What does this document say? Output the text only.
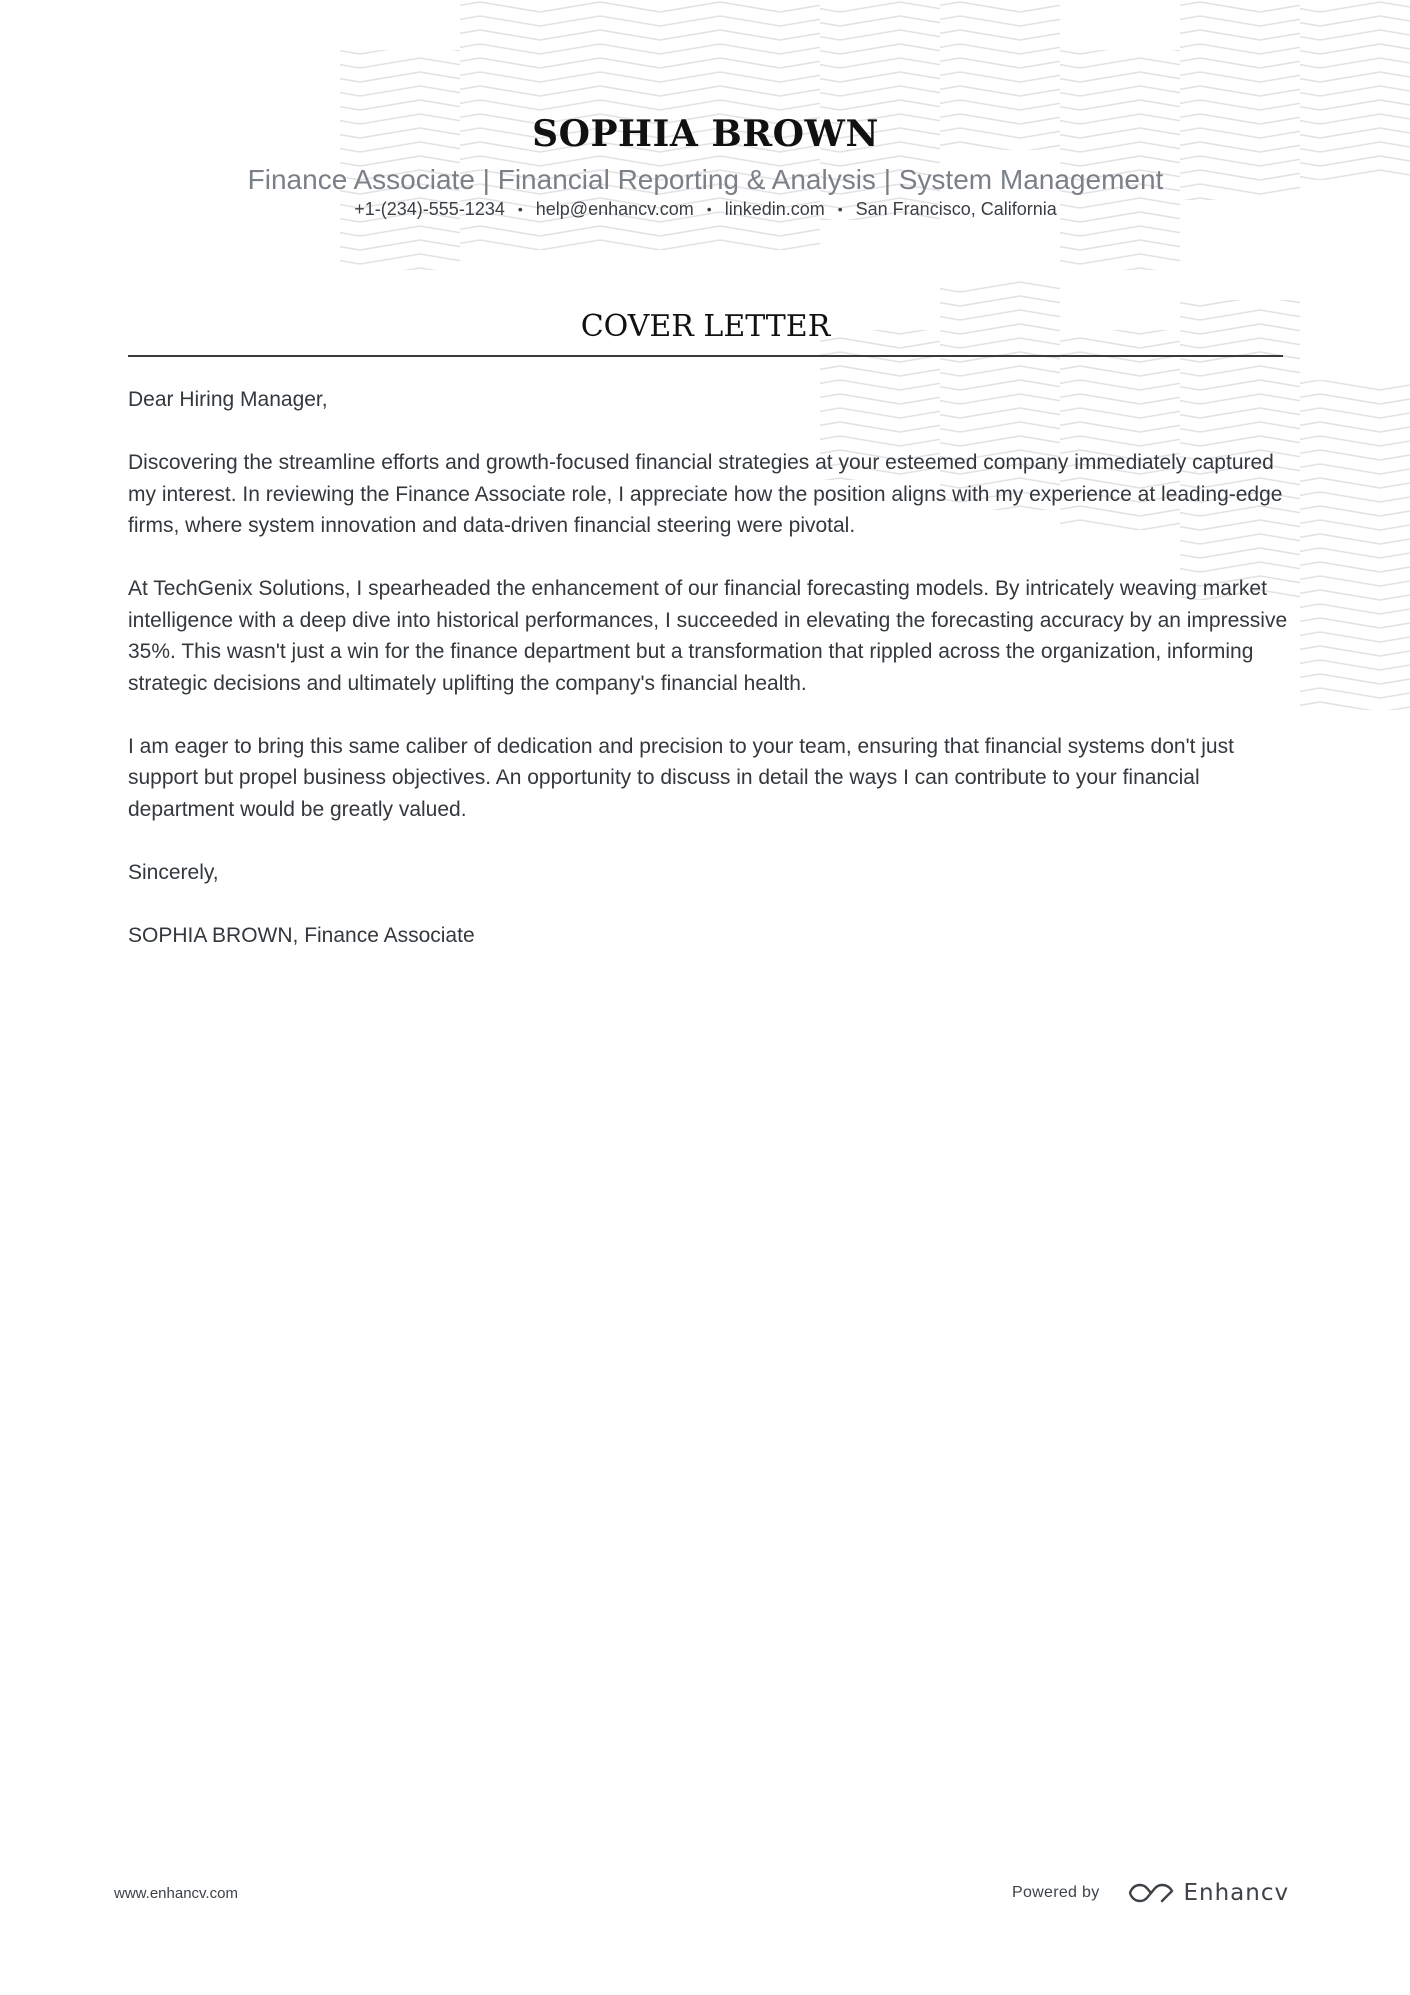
SOPHIA BROWN
Finance Associate | Financial Reporting & Analysis | System Management
+1-(234)-555-1234 • help@enhancv.com • linkedin.com • San Francisco, California
COVER LETTER

Dear Hiring Manager,

Discovering the streamline efforts and growth-focused financial strategies at your esteemed company immediately captured my interest. In reviewing the Finance Associate role, I appreciate how the position aligns with my experience at leading-edge firms, where system innovation and data-driven financial steering were pivotal.

At TechGenix Solutions, I spearheaded the enhancement of our financial forecasting models. By intricately weaving market intelligence with a deep dive into historical performances, I succeeded in elevating the forecasting accuracy by an impressive 35%. This wasn't just a win for the finance department but a transformation that rippled across the organization, informing strategic decisions and ultimately uplifting the company's financial health.

I am eager to bring this same caliber of dedication and precision to your team, ensuring that financial systems don't just support but propel business objectives. An opportunity to discuss in detail the ways I can contribute to your financial department would be greatly valued.

Sincerely,

SOPHIA BROWN, Finance Associate

www.enhancv.com	Powered by	Enhancv
